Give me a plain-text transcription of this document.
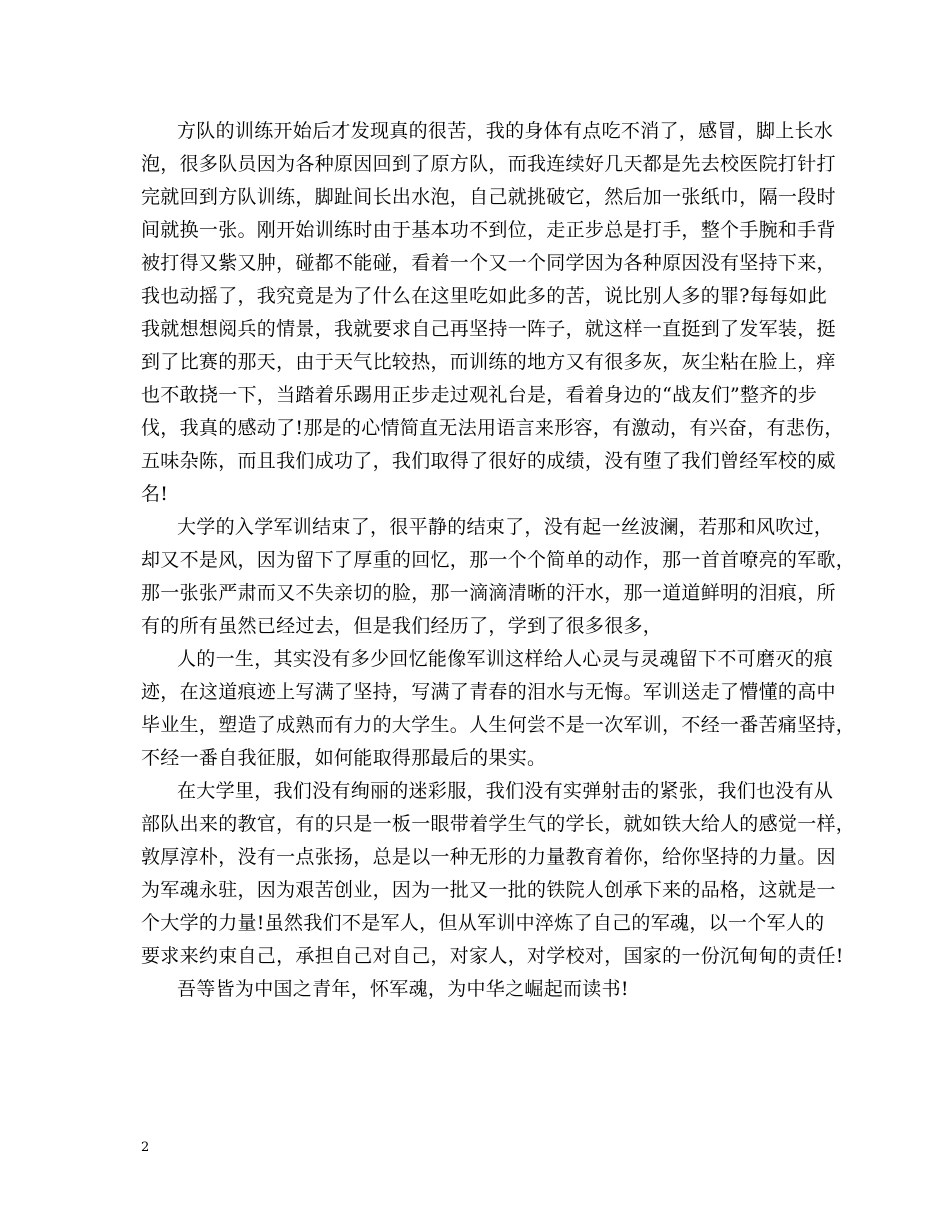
方队的训练开始后才发现真的很苦，我的身体有点吃不消了，感冒，脚上长水
泡，很多队员因为各种原因回到了原方队，而我连续好几天都是先去校医院打针打
完就回到方队训练，脚趾间长出水泡，自己就挑破它，然后加一张纸巾，隔一段时
间就换一张。刚开始训练时由于基本功不到位，走正步总是打手，整个手腕和手背
被打得又紫又肿，碰都不能碰，看着一个又一个同学因为各种原因没有坚持下来，
我也动摇了，我究竟是为了什么在这里吃如此多的苦，说比别人多的罪?每每如此
我就想想阅兵的情景，我就要求自己再坚持一阵子，就这样一直挺到了发军装，挺
到了比赛的那天，由于天气比较热，而训练的地方又有很多灰，灰尘粘在脸上，痒
也不敢挠一下，当踏着乐踢用正步走过观礼台是，看着身边的“战友们”整齐的步
伐，我真的感动了!那是的心情简直无法用语言来形容，有激动，有兴奋，有悲伤，
五味杂陈，而且我们成功了，我们取得了很好的成绩，没有堕了我们曾经军校的威
名!
大学的入学军训结束了，很平静的结束了，没有起一丝波澜，若那和风吹过，
却又不是风，因为留下了厚重的回忆，那一个个简单的动作，那一首首嘹亮的军歌，
那一张张严肃而又不失亲切的脸，那一滴滴清晰的汗水，那一道道鲜明的泪痕，所
有的所有虽然已经过去，但是我们经历了，学到了很多很多，
人的一生，其实没有多少回忆能像军训这样给人心灵与灵魂留下不可磨灭的痕
迹，在这道痕迹上写满了坚持，写满了青春的泪水与无悔。军训送走了懵懂的高中
毕业生，塑造了成熟而有力的大学生。人生何尝不是一次军训，不经一番苦痛坚持，
不经一番自我征服，如何能取得那最后的果实。
在大学里，我们没有绚丽的迷彩服，我们没有实弹射击的紧张，我们也没有从
部队出来的教官，有的只是一板一眼带着学生气的学长，就如铁大给人的感觉一样，
敦厚淳朴，没有一点张扬，总是以一种无形的力量教育着你，给你坚持的力量。因
为军魂永驻，因为艰苦创业，因为一批又一批的铁院人创承下来的品格，这就是一
个大学的力量!虽然我们不是军人，但从军训中淬炼了自己的军魂，以一个军人的
要求来约束自己，承担自己对自己，对家人，对学校对，国家的一份沉甸甸的责任!
吾等皆为中国之青年，怀军魂，为中华之崛起而读书!
2
